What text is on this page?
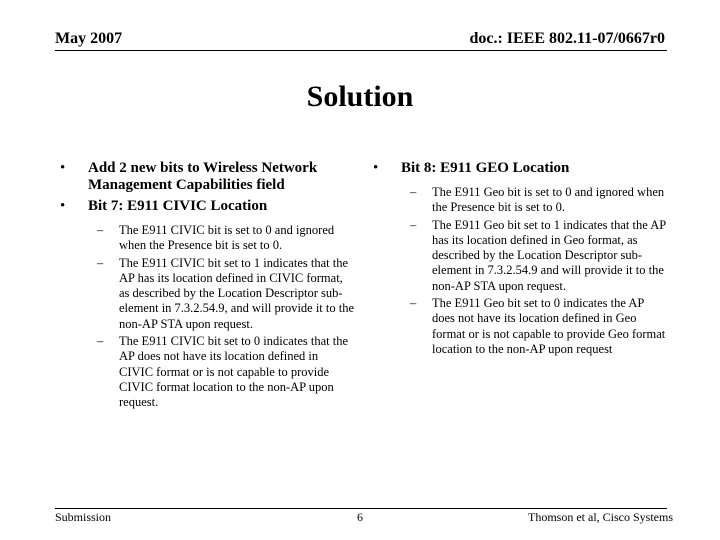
May 2007	doc.: IEEE 802.11-07/0667r0
Solution
• Add 2 new bits to Wireless Network Management Capabilities field
• Bit 7: E911 CIVIC Location
– The E911 CIVIC bit is set to 0 and ignored when the Presence bit is set to 0.
– The E911 CIVIC bit set to 1 indicates that the AP has its location defined in CIVIC format, as described by the Location Descriptor sub-element in 7.3.2.54.9, and will provide it to the non-AP STA upon request.
– The E911 CIVIC bit set to 0 indicates that the AP does not have its location defined in CIVIC format or is not capable to provide CIVIC format location to the non-AP upon request.
• Bit 8: E911 GEO Location
– The E911 Geo bit is set to 0 and ignored when the Presence bit is set to 0.
– The E911 Geo bit set to 1 indicates that the AP has its location defined in Geo format, as described by the Location Descriptor sub-element in 7.3.2.54.9 and will provide it to the non-AP STA upon request.
– The E911 Geo bit set to 0 indicates the AP does not have its location defined in Geo format or is not capable to provide Geo format location to the non-AP upon request
Submission	6	Thomson et al, Cisco Systems
